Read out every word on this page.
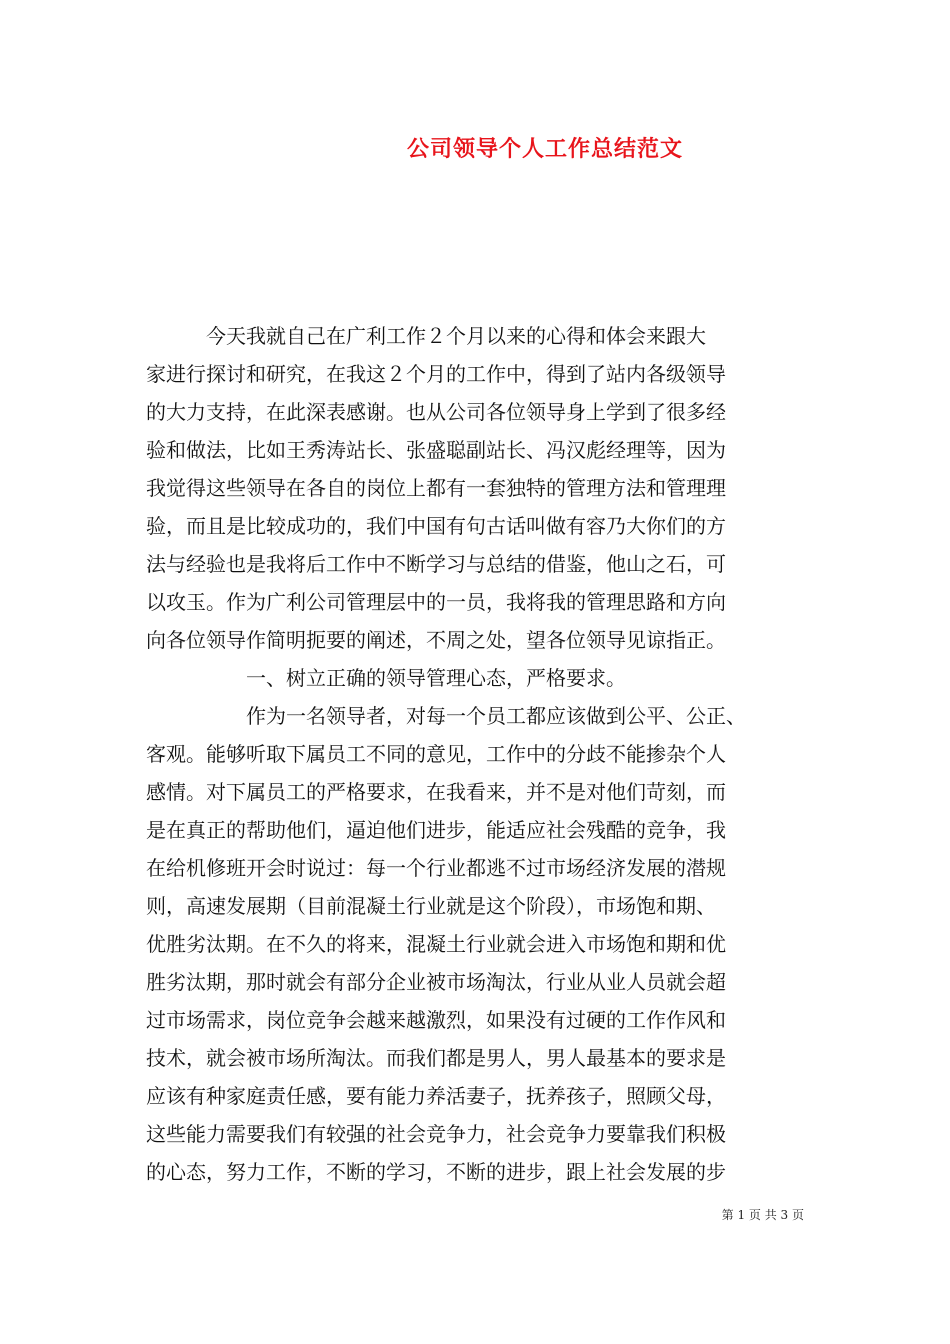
公司领导个人工作总结范文
今天我就自己在广利工作２个月以来的心得和体会来跟大
家进行探讨和研究，在我这２个月的工作中，得到了站内各级领导
的大力支持，在此深表感谢。也从公司各位领导身上学到了很多经
验和做法，比如王秀涛站长、张盛聪副站长、冯汉彪经理等，因为
我觉得这些领导在各自的岗位上都有一套独特的管理方法和管理理
验，而且是比较成功的，我们中国有句古话叫做有容乃大你们的方
法与经验也是我将后工作中不断学习与总结的借鉴，他山之石，可
以攻玉。作为广利公司管理层中的一员，我将我的管理思路和方向
向各位领导作简明扼要的阐述，不周之处，望各位领导见谅指正。
一、树立正确的领导管理心态，严格要求。
作为一名领导者，对每一个员工都应该做到公平、公正、
客观。能够听取下属员工不同的意见，工作中的分歧不能掺杂个人
感情。对下属员工的严格要求，在我看来，并不是对他们苛刻，而
是在真正的帮助他们，逼迫他们进步，能适应社会残酷的竞争，我
在给机修班开会时说过：每一个行业都逃不过市场经济发展的潜规
则，高速发展期（目前混凝土行业就是这个阶段），市场饱和期、
优胜劣汰期。在不久的将来，混凝土行业就会进入市场饱和期和优
胜劣汰期，那时就会有部分企业被市场淘汰，行业从业人员就会超
过市场需求，岗位竞争会越来越激烈，如果没有过硬的工作作风和
技术，就会被市场所淘汰。而我们都是男人，男人最基本的要求是
应该有种家庭责任感，要有能力养活妻子，抚养孩子，照顾父母，
这些能力需要我们有较强的社会竞争力，社会竞争力要靠我们积极
的心态，努力工作，不断的学习，不断的进步，跟上社会发展的步
第 1 页 共 3 页
